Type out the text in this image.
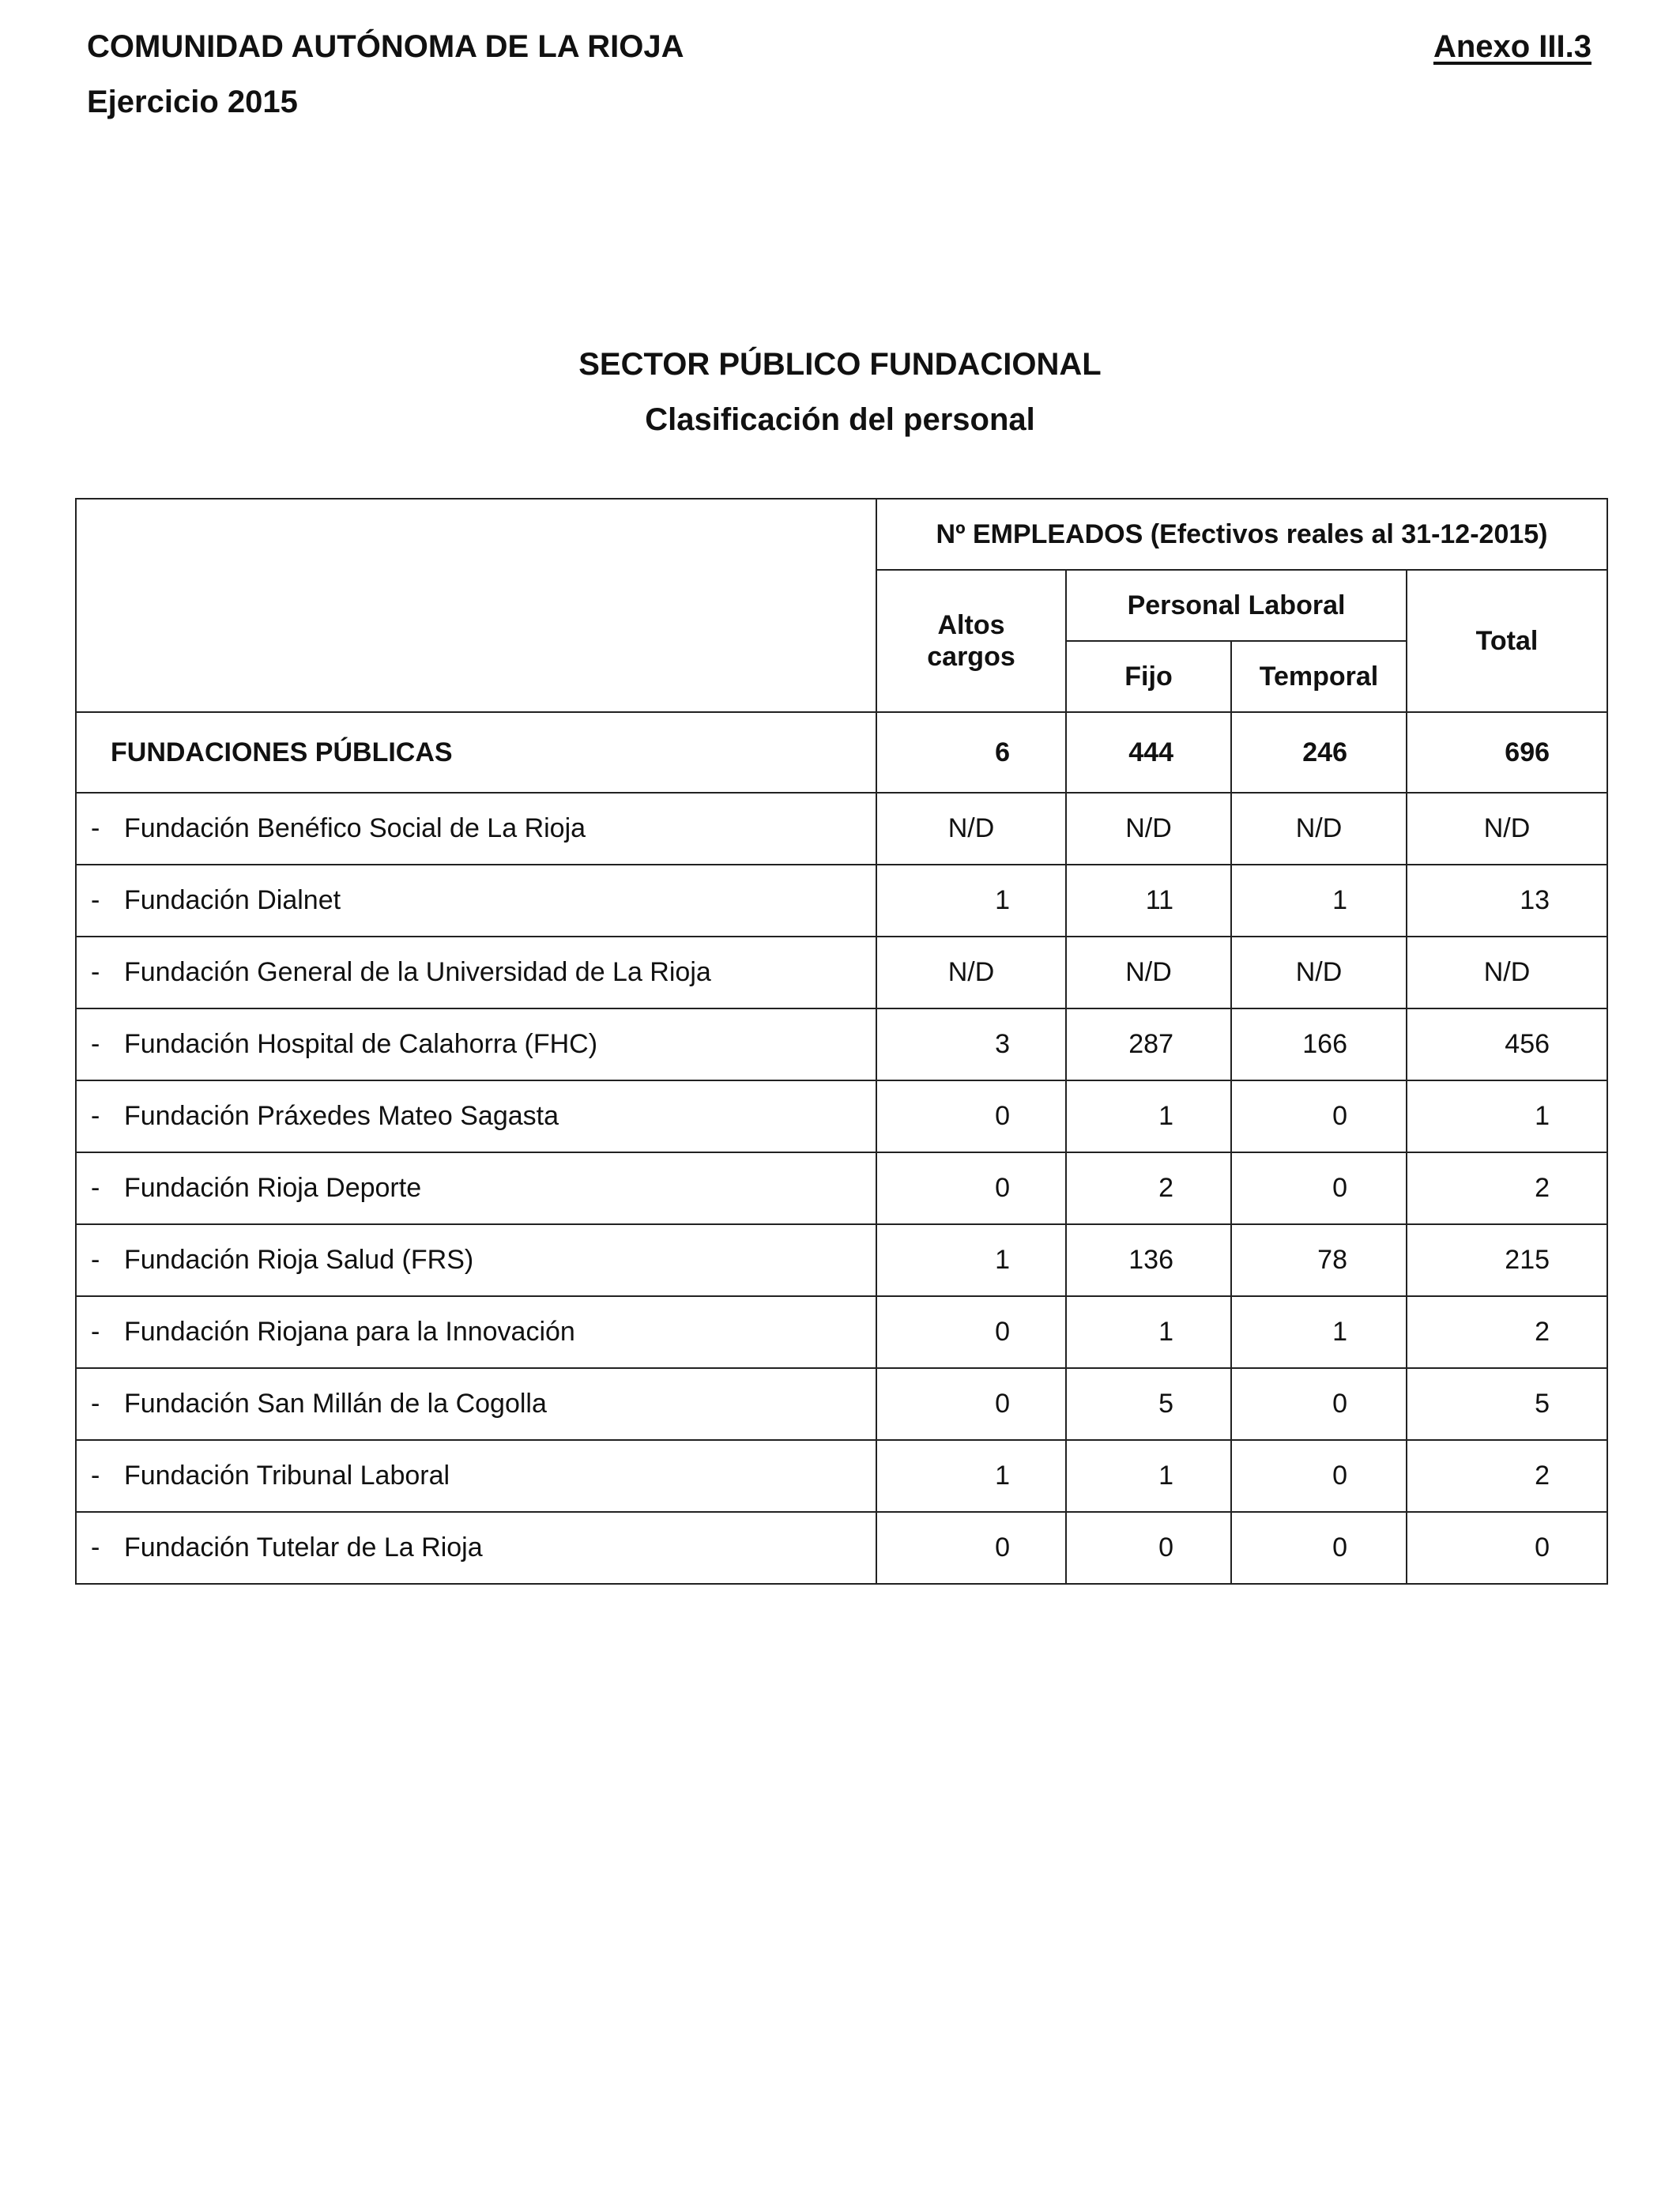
COMUNIDAD AUTÓNOMA DE LA RIOJA
Ejercicio 2015
Anexo III.3
SECTOR PÚBLICO FUNDACIONAL
Clasificación del personal
	Nº EMPLEADOS (Efectivos reales al 31-12-2015)			
	Altos cargos	Personal Laboral		Total
		Fijo	Temporal	
FUNDACIONES PÚBLICAS	6	444	246	696
- Fundación Benéfico Social de La Rioja	N/D	N/D	N/D	N/D
- Fundación Dialnet	1	11	1	13
- Fundación General de la Universidad de La Rioja	N/D	N/D	N/D	N/D
- Fundación Hospital de Calahorra (FHC)	3	287	166	456
- Fundación Práxedes Mateo Sagasta	0	1	0	1
- Fundación Rioja Deporte	0	2	0	2
- Fundación Rioja Salud (FRS)	1	136	78	215
- Fundación Riojana para la Innovación	0	1	1	2
- Fundación San Millán de la Cogolla	0	5	0	5
- Fundación Tribunal Laboral	1	1	0	2
- Fundación Tutelar de La Rioja	0	0	0	0
